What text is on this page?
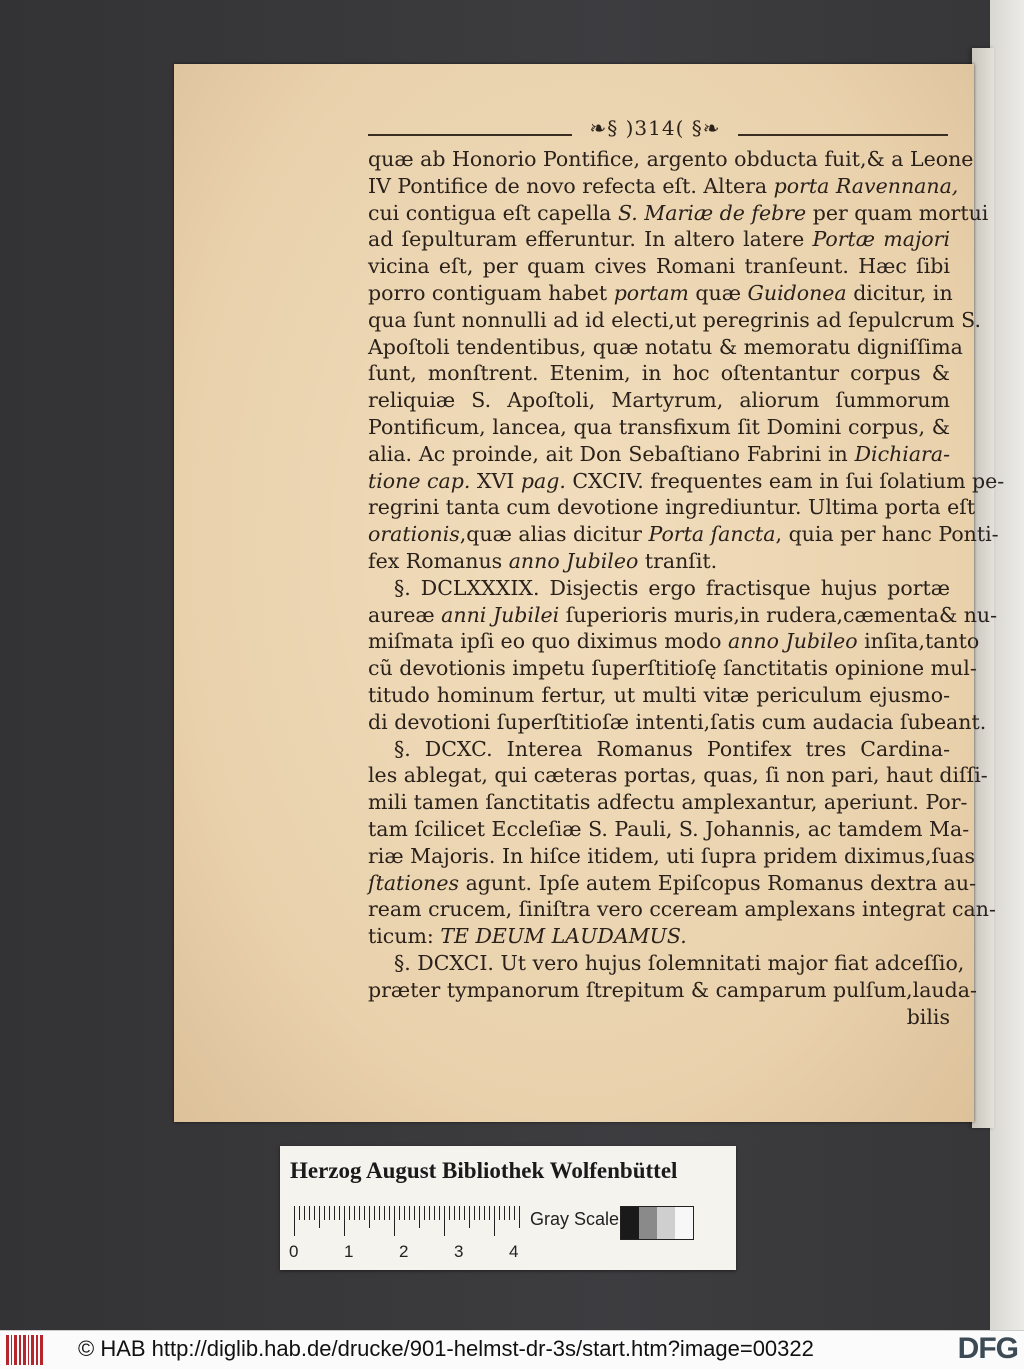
❧§ )314( §❧
quæ ab Honorio Pontifice, argento obducta fuit,& a Leone
IV Pontifice de novo refecta eſt. Altera porta Ravennana,
cui contigua eſt capella S. Mariæ de febre per quam mortui
ad ſepulturam efferuntur. In altero latere Portæ majori
vicina eſt, per quam cives Romani tranſeunt. Hæc ſibi
porro contiguam habet portam quæ Guidonea dicitur, in
qua ſunt nonnulli ad id electi,ut peregrinis ad ſepulcrum S.
Apoſtoli tendentibus, quæ notatu & memoratu digniſſima
ſunt, monſtrent. Etenim, in hoc oſtentantur corpus &
reliquiæ S. Apoſtoli, Martyrum, aliorum ſummorum
Pontificum, lancea, qua transfixum ſit Domini corpus, &
alia. Ac proinde, ait Don Sebaſtiano Fabrini in Dichiara-
tione cap. XVI pag. CXCIV. frequentes eam in ſui ſolatium pe-
regrini tanta cum devotione ingrediuntur. Ultima porta eſt
orationis,quæ alias dicitur Porta ſancta, quia per hanc Ponti-
fex Romanus anno Jubileo tranſit.
§. DCLXXXIX. Disjectis ergo fractisque hujus portæ
aureæ anni Jubilei ſuperioris muris,in rudera,cæmenta& nu-
miſmata ipſi eo quo diximus modo anno Jubileo inſita,tanto
cũ devotionis impetu ſuperſtitioſę ſanctitatis opinione mul-
titudo hominum fertur, ut multi vitæ periculum ejusmo-
di devotioni ſuperſtitioſæ intenti,ſatis cum audacia ſubeant.
§. DCXC. Interea Romanus Pontifex tres Cardina-
les ablegat, qui cæteras portas, quas, ſi non pari, haut diſſi-
mili tamen ſanctitatis adfectu amplexantur, aperiunt. Por-
tam ſcilicet Eccleſiæ S. Pauli, S. Johannis, ac tamdem Ma-
riæ Majoris. In hiſce itidem, uti ſupra pridem diximus,ſuas
ſtationes agunt. Ipſe autem Epiſcopus Romanus dextra au-
ream crucem, ſiniſtra vero cceream amplexans integrat can-
ticum: TE DEUM LAUDAMUS.
§. DCXCI. Ut vero hujus ſolemnitati major fiat adceſſio,
præter tympanorum ſtrepitum & camparum pulſum,lauda-
bilis
Herzog August Bibliothek Wolfenbüttel
0	1	2	3	4
Gray Scale
© HAB http://diglib.hab.de/drucke/901-helmst-dr-3s/start.htm?image=00322	DFG
